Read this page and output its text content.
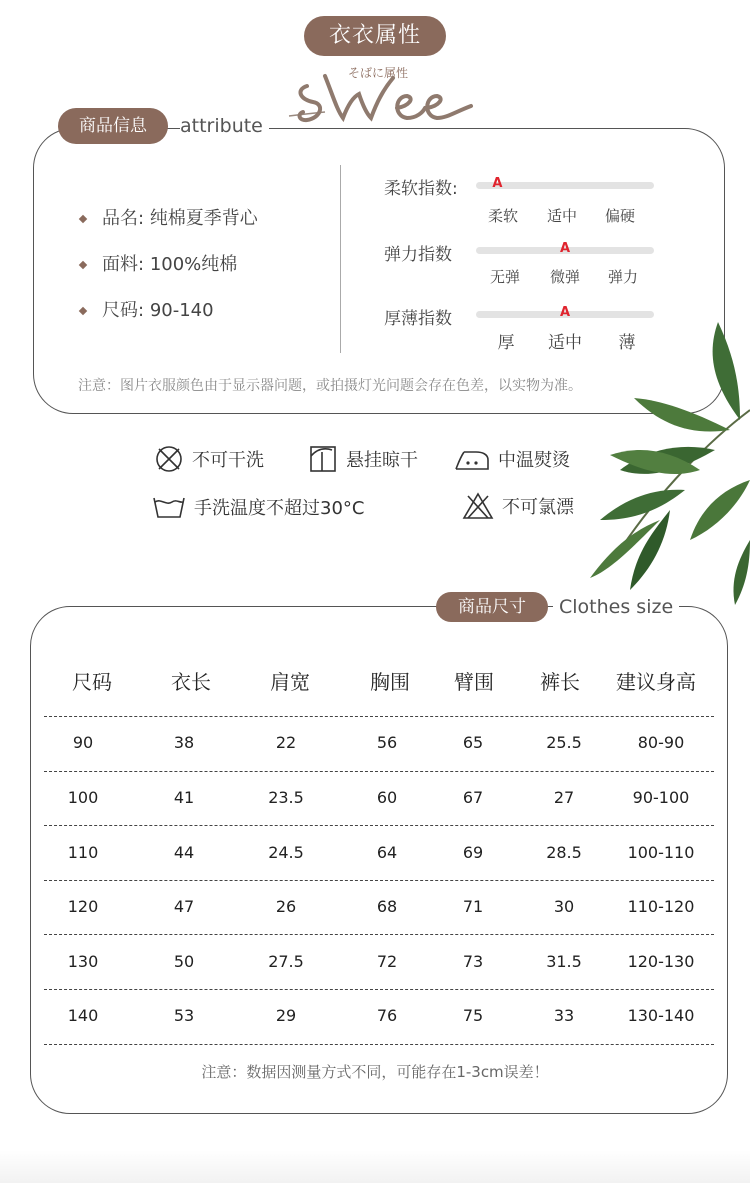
衣衣属性
そばに属性
商品信息	attribute
品名: 纯棉夏季背心
面料: 100%纯棉
尺码: 90-140
柔软指数:	A
柔软	适中	偏硬
弹力指数	A
无弹	微弹	弹力
厚薄指数	A
厚	适中	薄
注意：图片衣服颜色由于显示器问题，或拍摄灯光问题会存在色差，以实物为准。
不可干洗	悬挂晾干	中温熨烫
手洗温度不超过30°C	不可氯漂
商品尺寸	Clothes size
尺码	衣长	肩宽	胸围	臂围	裤长	建议身高
90	38	22	56	65	25.5	80-90
100	41	23.5	60	67	27	90-100
110	44	24.5	64	69	28.5	100-110
120	47	26	68	71	30	110-120
130	50	27.5	72	73	31.5	120-130
140	53	29	76	75	33	130-140
注意：数据因测量方式不同，可能存在1-3cm误差！
